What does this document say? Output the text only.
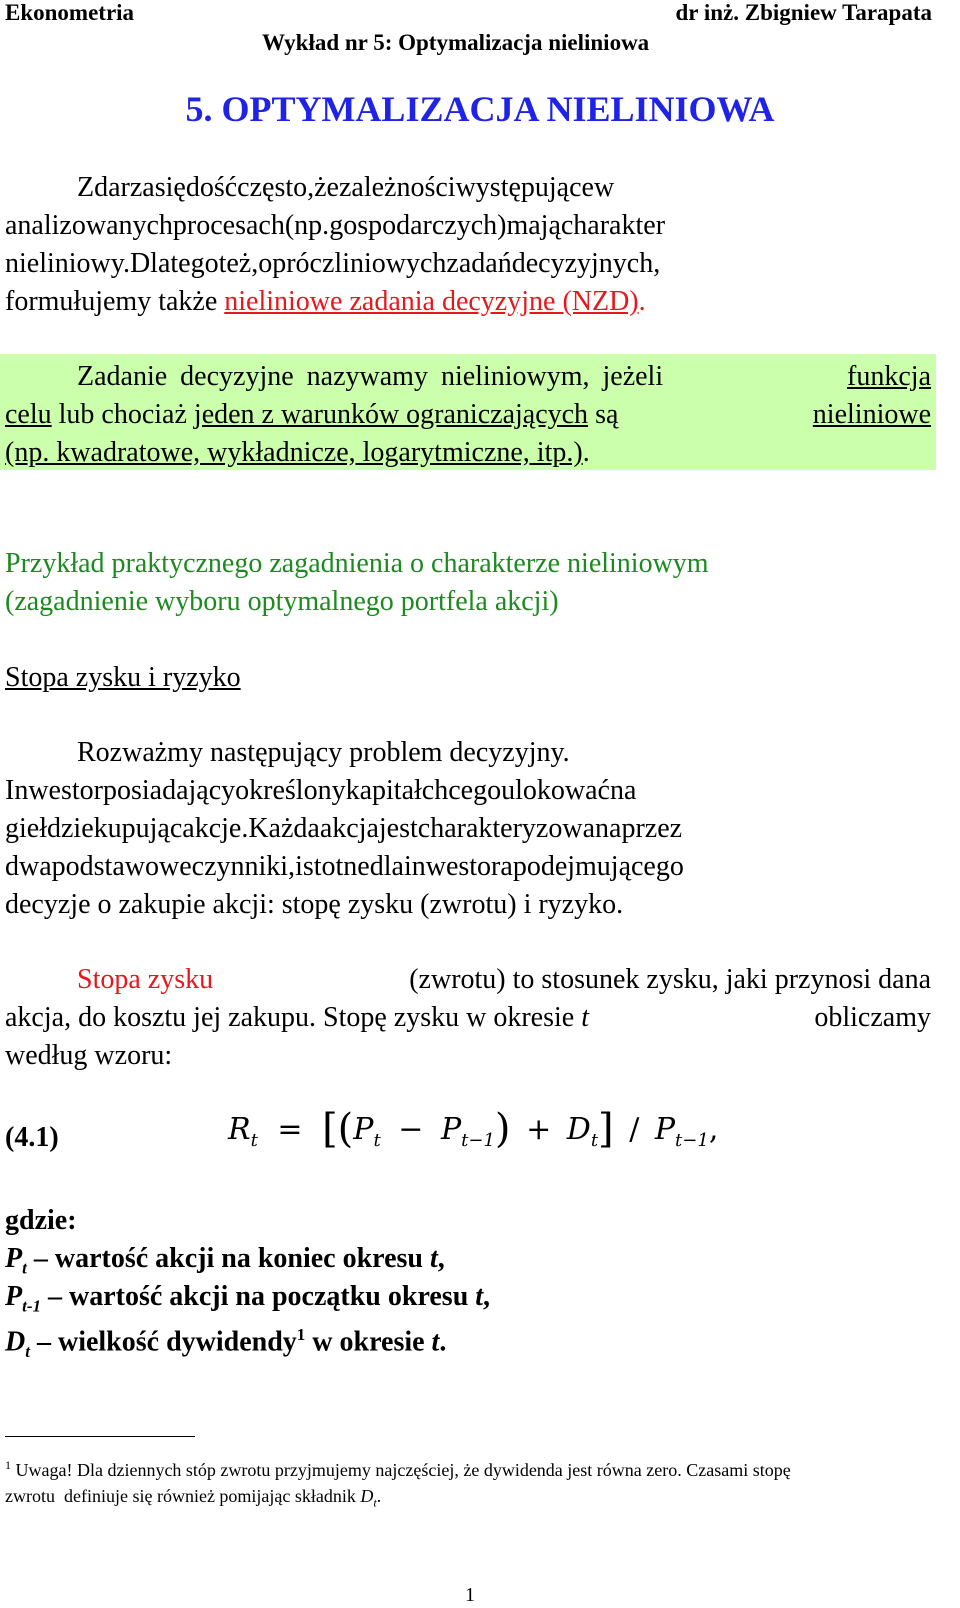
Ekonometria	dr inż. Zbigniew Tarapata
Wykład nr 5: Optymalizacja nieliniowa
5. OPTYMALIZACJA NIELINIOWA
Zdarzasiędośćczęsto,żezależnościwystępującew
analizowanychprocesach(np.gospodarczych)mającharakter
nieliniowy.Dlategoteż,opróczliniowychzadańdecyzyjnych,
formułujemy także nieliniowe zadania decyzyjne (NZD).
Zadanie decyzyjne nazywamy nieliniowym, jeżeli	funkcja
celu lub chociaż jeden z warunków ograniczających są	nieliniowe
(np. kwadratowe, wykładnicze, logarytmiczne, itp.).
Przykład praktycznego zagadnienia o charakterze nieliniowym
(zagadnienie wyboru optymalnego portfela akcji)
Stopa zysku i ryzyko
Rozważmy następujący problem decyzyjny.
Inwestorposiadającyokreślonykapitałchcegoulokowaćna
giełdziekupującakcje.Każdaakcjajestcharakteryzowanaprzez
dwapodstawoweczynniki,istotnedlainwestorapodejmującego
decyzje o zakupie akcji: stopę zysku (zwrotu) i ryzyko.
Stopa zysku	(zwrotu) to stosunek zysku, jaki przynosi dana
akcja, do kosztu jej zakupu. Stopę zysku w okresie t	obliczamy
według wzoru:
(4.1)	$R_t = [(P_t - P_{t-1}) + D_t] / P_{t-1}$,
gdzie:
$P_t$ – wartość akcji na koniec okresu t,
$P_{t-1}$ – wartość akcji na początku okresu t,
$D_t$ – wielkość dywidendy$^1$ w okresie t.
$^1$ Uwaga! Dla dziennych stóp zwrotu przyjmujemy najczęściej, że dywidenda jest równa zero. Czasami stopę
zwrotu  definiuje się również pomijając składnik $D_t$.
1
